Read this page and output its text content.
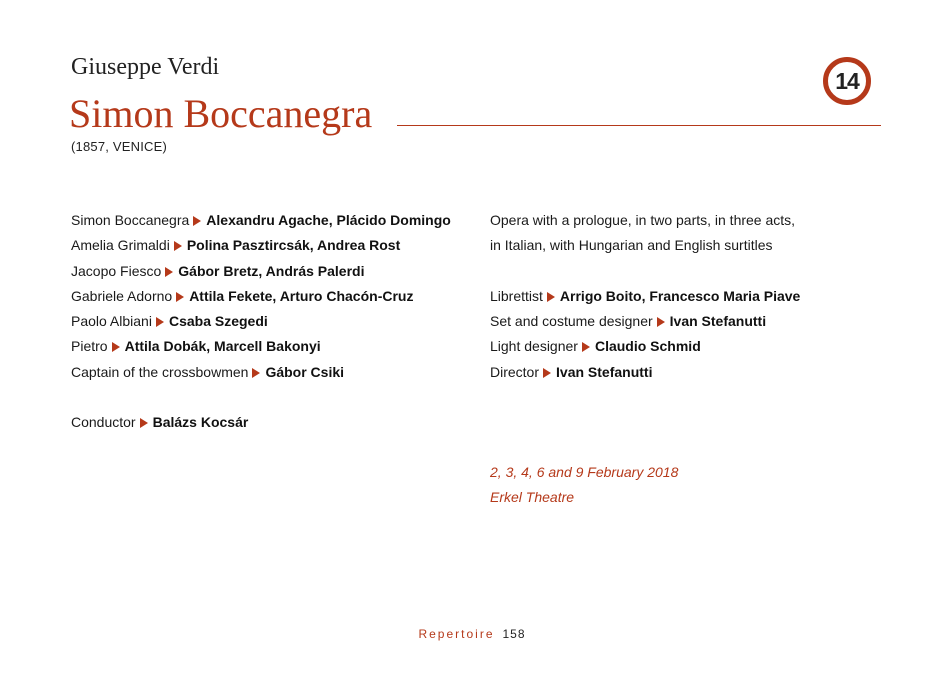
Giuseppe Verdi
Simon Boccanegra
(1857, VENICE)
14
Simon Boccanegra Alexandru Agache, Plácido Domingo
Amelia Grimaldi Polina Pasztircsák, Andrea Rost
Jacopo Fiesco Gábor Bretz, András Palerdi
Gabriele Adorno Attila Fekete, Arturo Chacón-Cruz
Paolo Albiani Csaba Szegedi
Pietro Attila Dobák, Marcell Bakonyi
Captain of the crossbowmen Gábor Csiki
Conductor Balázs Kocsár
Opera with a prologue, in two parts, in three acts,
in Italian, with Hungarian and English surtitles
Librettist Arrigo Boito, Francesco Maria Piave
Set and costume designer Ivan Stefanutti
Light designer Claudio Schmid
Director Ivan Stefanutti
2, 3, 4, 6 and 9 February 2018
Erkel Theatre
Repertoire 158
